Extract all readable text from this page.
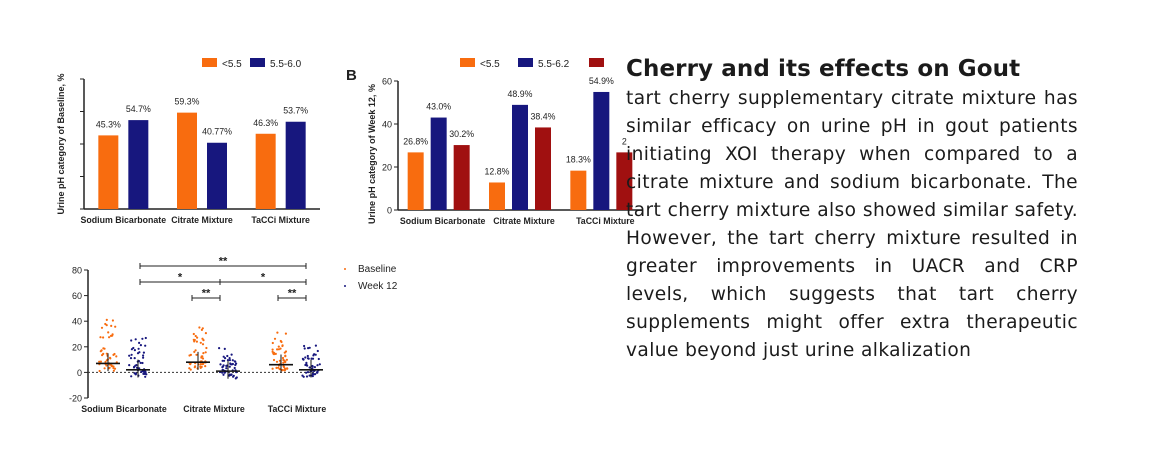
Urine pH category of Baseline, %
<5.5	5.5-6.0
45.3%
54.7%
59.3%
40.77%
46.3%
53.7%
Sodium Bicarbonate Citrate Mixture TaCCi Mixture
B
Urine pH category of Week 12, %
<5.5	5.5-6.2
0
20
40
60
26.8%
43.0%
30.2%
12.8%
48.9%
38.4%
18.3%
54.9%
2
Sodium Bicarbonate Citrate Mixture TaCCi Mixture
-20
0
20
40
60
80
**
*	*
**	**
Sodium Bicarbonate Citrate Mixture	TaCCi Mixture
Baseline
Week 12
Cherry and its effects on Gout
tart cherry supplementary citrate mixture has similar efficacy on urine pH in gout patients initiating XOI therapy when compared to a citrate mixture and sodium bicarbonate. The tart cherry mixture also showed similar safety. However, the tart cherry mixture resulted in greater improvements in UACR and CRP levels, which suggests that tart cherry supplements might offer extra therapeutic value beyond just urine alkalization
